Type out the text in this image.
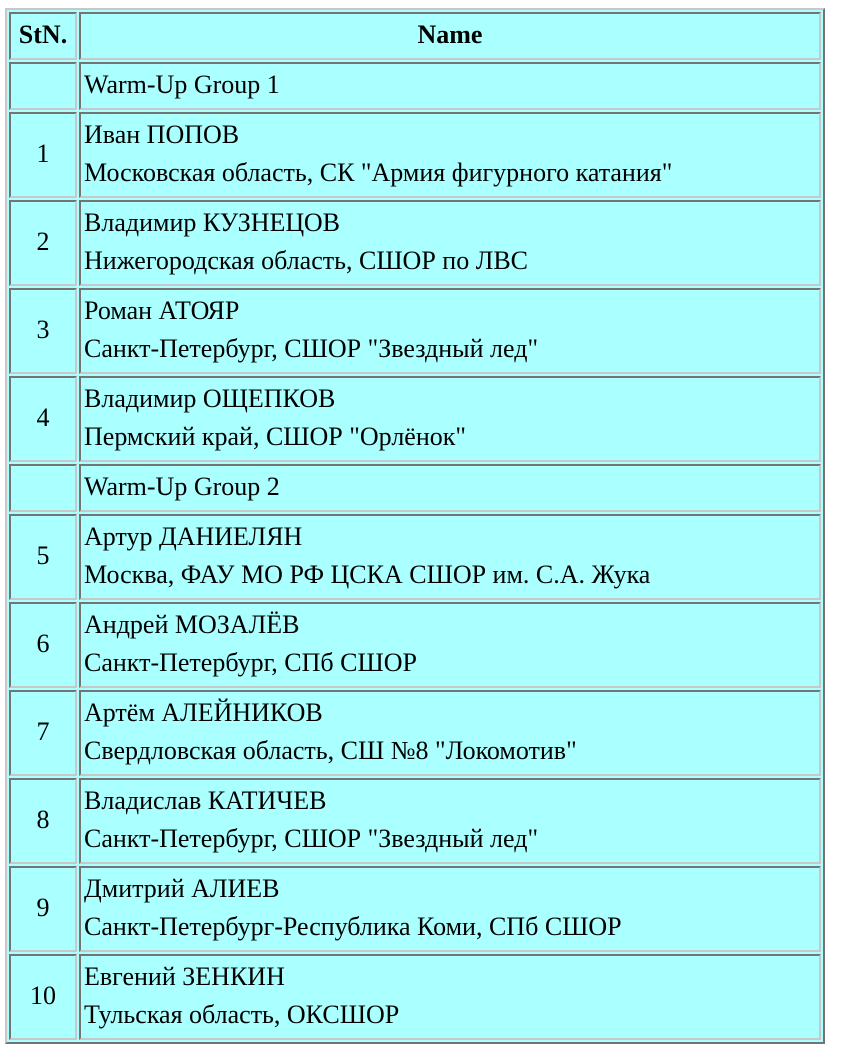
StN.	Name
	Warm-Up Group 1
1	Иван ПОПОВ
Московская область, СК "Армия фигурного катания"

2	Владимир КУЗНЕЦОВ
Нижегородская область, СШОР по ЛВС

3	Роман АТОЯР
Санкт-Петербург, СШОР "Звездный лед"

4	Владимир ОЩЕПКОВ
Пермский край, СШОР "Орлёнок"

	Warm-Up Group 2
5	Артур ДАНИЕЛЯН
Москва, ФАУ МО РФ ЦСКА СШОР им. С.А. Жука

6	Андрей МОЗАЛЁВ
Санкт-Петербург, СПб СШОР

7	Артём АЛЕЙНИКОВ
Свердловская область, СШ №8 "Локомотив"

8	Владислав КАТИЧЕВ
Санкт-Петербург, СШОР "Звездный лед"

9	Дмитрий АЛИЕВ
Санкт-Петербург-Республика Коми, СПб СШОР

10	Евгений ЗЕНКИН
Тульская область, ОКСШОР
